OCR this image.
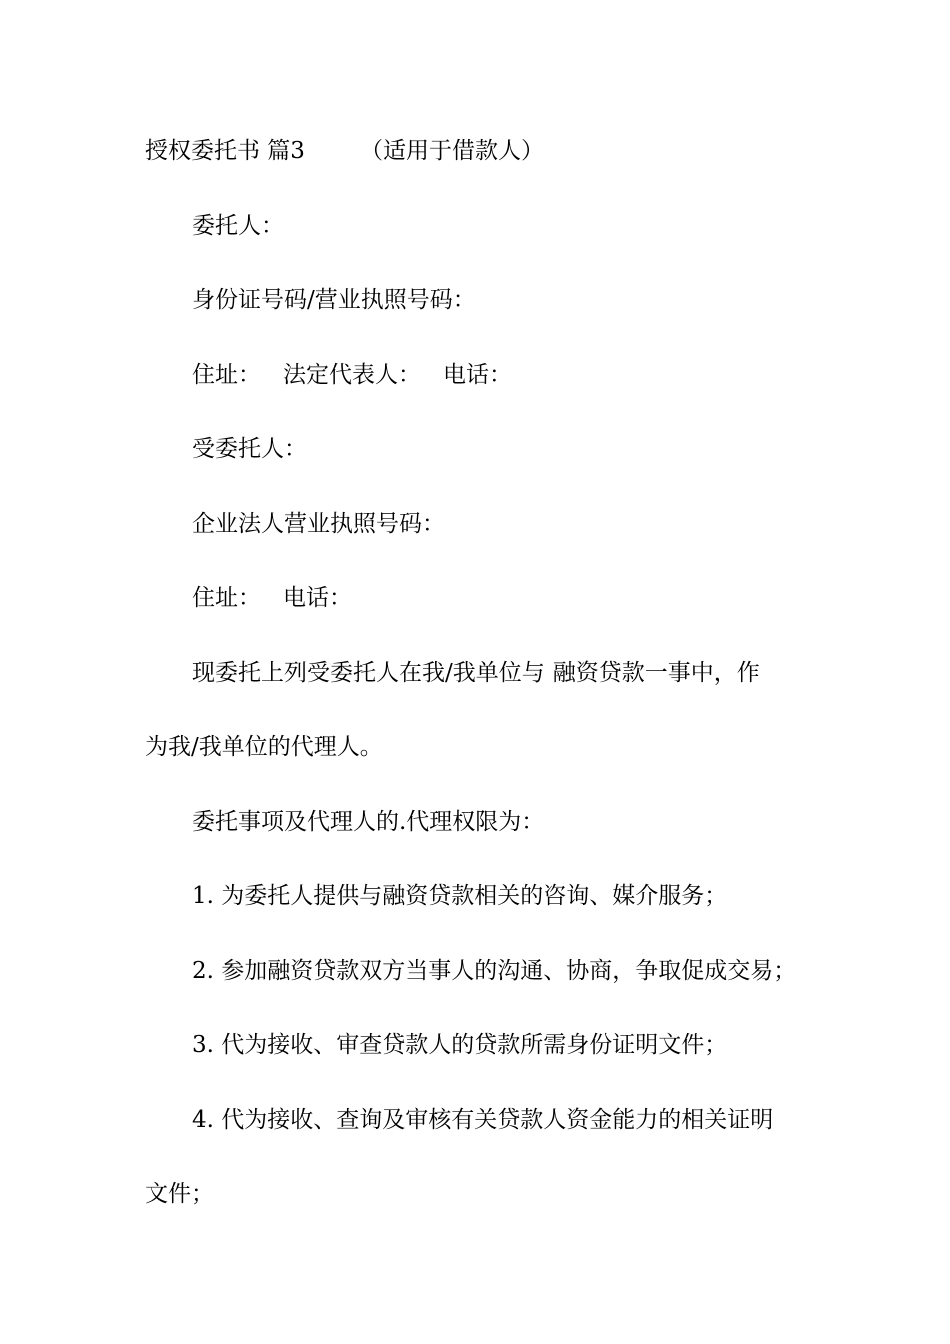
授权委托书 篇3 （适用于借款人）
委托人：
身份证号码/营业执照号码：
住址： 法定代表人： 电话：
受委托人：
企业法人营业执照号码：
住址： 电话：
现委托上列受委托人在我/我单位与 融资贷款一事中，作
为我/我单位的代理人。
委托事项及代理人的.代理权限为：
1. 为委托人提供与融资贷款相关的咨询、媒介服务；
2. 参加融资贷款双方当事人的沟通、协商，争取促成交易；
3. 代为接收、审查贷款人的贷款所需身份证明文件；
4. 代为接收、查询及审核有关贷款人资金能力的相关证明
文件；
